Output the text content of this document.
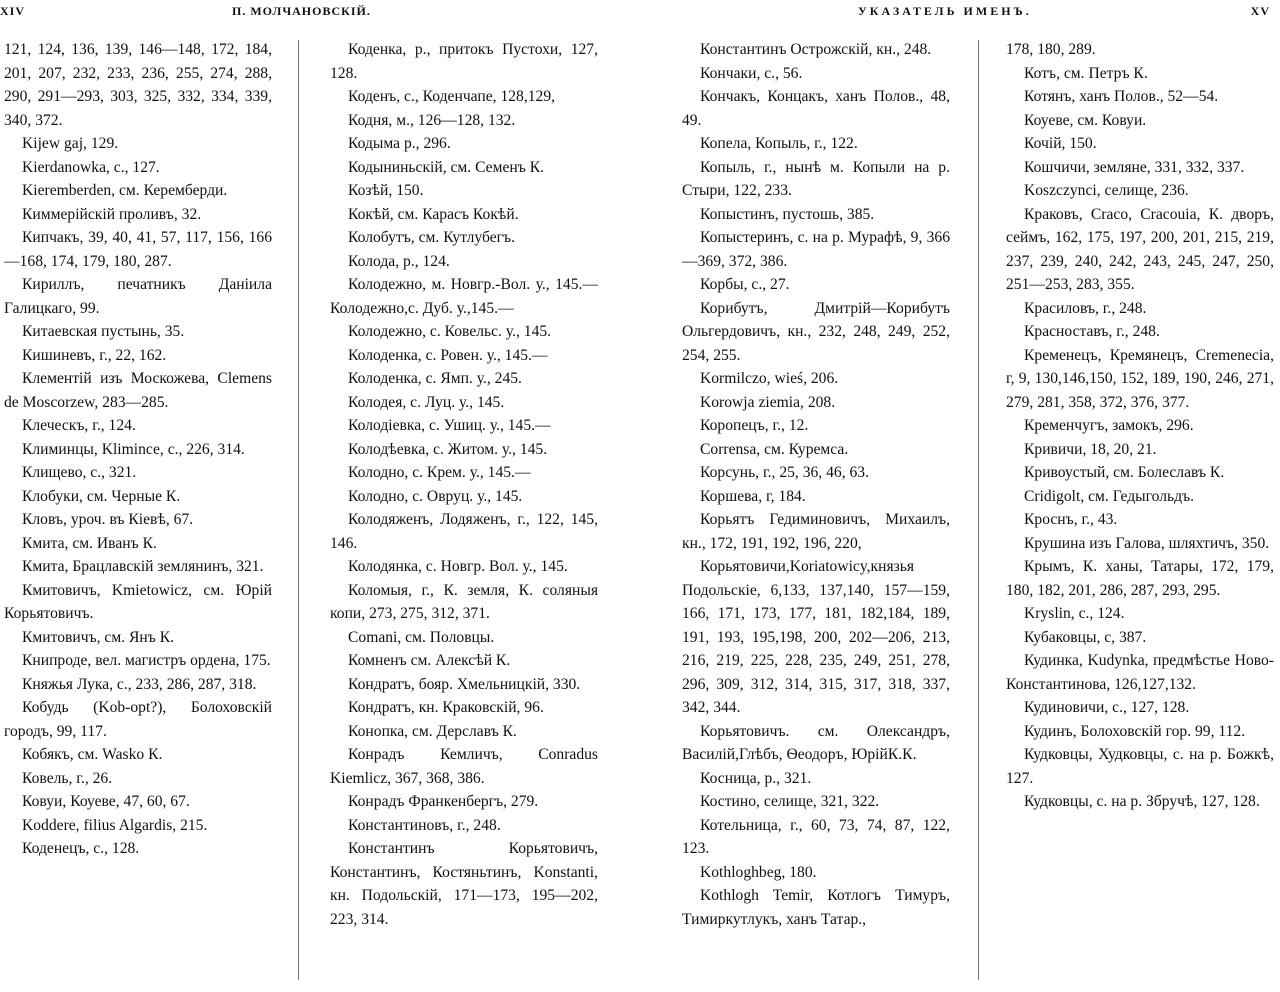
XIV	П. МОЛЧАНОВСКІЙ.

121, 124, 136, 139, 146—148, 172, 184, 201, 207, 232, 233, 236, 255, 274, 288, 290, 291—293, 303, 325, 332, 334, 339, 340, 372.

Kijew gaj, 129.

Kierdanowka, с., 127.

Kieremberden, см. Керемберди.

Киммерійскій проливъ, 32.

Кипчакъ, 39, 40, 41, 57, 117, 156, 166—168, 174, 179, 180, 287.

Кириллъ, печатникъ Даніила Галицкаго, 99.

Китаевская пустынь, 35.

Кишиневъ, г., 22, 162.

Клементій изъ Москожева, Clemens de Moscorzew, 283—285.

Клеческъ, г., 124.

Климинцы, Kliminсе, с., 226, 314.

Клищево, с., 321.

Клобуки, см. Черные К.

Кловъ, уроч. въ Кіевѣ, 67.

Кмита, см. Иванъ К.

Кмита, Брацлавскій землянинъ, 321.

Кмитовичъ, Kmietowicz, см. Юрій Корьятовичъ.

Кмитовичъ, см. Янъ К.

Книпроде, вел. магистръ ордена, 175.

Княжья Лука, с., 233, 286, 287, 318.

Кобудь (Kob-opt?), Болоховскій городъ, 99, 117.

Кобякъ, см. Wasko К.

Ковель, г., 26.

Ковуи, Коуеве, 47, 60, 67.

Koddere, filius Algardis, 215.

Коденецъ, с., 128.

Коденка, р., притокъ Пустохи, 127, 128.

Коденъ, с., Коденчапе, 128,129,

Кодня, м., 126—128, 132.

Кодыма р., 296.

Кодыниньскій, см. Семенъ К.

Козѣй, 150.

Кокѣй, см. Карасъ Кокѣй.

Колобутъ, см. Кутлубегъ.

Колода, р., 124.

Колодежно, м. Новгр.-Вол. у., 145.—Колодежно,с. Дуб. у.,145.—

Колодежно, с. Ковельс. у., 145.

Колоденка, с. Ровен. у., 145.—

Колоденка, с. Ямп. у., 245.

Колодея, с. Луц. у., 145.

Колодіевка, с. Ушиц. у., 145.—

Колодѣевка, с. Житом. у., 145.

Колодно, с. Крем. у., 145.—

Колодно, с. Овруц. у., 145.

Колодяженъ, Лодяженъ, г., 122, 145, 146.

Колодянка, с. Новгр. Вол. у., 145.

Коломыя, г., К. земля, К. соляныя копи, 273, 275, 312, 371.

Comani, см. Половцы.

Комненъ см. Алексѣй К.

Кондратъ, бояр. Хмельницкій, 330.

Кондратъ, кн. Краковскій, 96.

Конопка, см. Дерславъ К.

Конрадъ Кемличъ, Conradus Kiemlicz, 367, 368, 386.

Конрадъ Франкенбергъ, 279.

Константиновъ, г., 248.

Константинъ Корьятовичъ, Константинъ, Костяньтинъ, Konstanti, кн. Подольскій, 171—173, 195—202, 223, 314.

УКАЗАТЕЛЬ ИМЕНЪ.	XV

Константинъ Острожскій, кн., 248.

Кончаки, с., 56.

Кончакъ, Концакъ, ханъ Полов., 48, 49.

Копела, Копыль, г., 122.

Копыль, г., нынѣ м. Копыли на р. Стыри, 122, 233.

Копыстинъ, пустошь, 385.

Копыстеринъ, с. на р. Мурафѣ, 9, 366—369, 372, 386.

Корбы, с., 27.

Корибутъ, Дмитрій—Корибутъ Ольгердовичъ, кн., 232, 248, 249, 252, 254, 255.

Kormilczo, wieś, 206.

Korowja ziemia, 208.

Коропецъ, г., 12.

Corrensa, см. Куремса.

Корсунь, г., 25, 36, 46, 63.

Коршева, г, 184.

Корьятъ Гедиминовичъ, Михаилъ, кн., 172, 191, 192, 196, 220,

Корьятовичи,Koriatowicy,князья Подольскіе, 6,133, 137,140, 157—159, 166, 171, 173, 177, 181, 182,184, 189, 191, 193, 195,198, 200, 202—206, 213, 216, 219, 225, 228, 235, 249, 251, 278, 296, 309, 312, 314, 315, 317, 318, 337, 342, 344.

Корьятовичъ. см. Олександръ, Василій,Глѣбъ, Ѳеодоръ, ЮрійК.К.

Косница, р., 321.

Костино, селище, 321, 322.

Котельница, г., 60, 73, 74, 87, 122, 123.

Kothloghbeg, 180.

Kothlogh Temir, Котлогъ Тимуръ, Тимиркутлукъ, ханъ Татар.,

178, 180, 289.

Котъ, см. Петръ К.

Котянъ, ханъ Полов., 52—54.

Коуеве, см. Ковуи.

Кочій, 150.

Кошчичи, земляне, 331, 332, 337.

Koszczynci, селище, 236.

Краковъ, Craco, Cracouia, К. дворъ, сеймъ, 162, 175, 197, 200, 201, 215, 219, 237, 239, 240, 242, 243, 245, 247, 250, 251—253, 283, 355.

Красиловъ, г., 248.

Красноставъ, г., 248.

Кременецъ, Кремянецъ, Cremenecia, г, 9, 130,146,150, 152, 189, 190, 246, 271, 279, 281, 358, 372, 376, 377.

Кременчугъ, замокъ, 296.

Кривичи, 18, 20, 21.

Кривоустый, см. Болеславъ К.

Cridigolt, см. Гедыгольдъ.

Кроснъ, г., 43.

Крушина изъ Галова, шляхтичъ, 350.

Крымъ, К. ханы, Татары, 172, 179, 180, 182, 201, 286, 287, 293, 295.

Kryslin, с., 124.

Кубаковцы, с, 387.

Кудинка, Kudynka, предмѣстье Ново-Константинова, 126,127,132.

Кудиновичи, с., 127, 128.

Кудинъ, Болоховскій гор. 99, 112.

Кудковцы, Худковцы, с. на р. Божкѣ, 127.

Кудковцы, с. на р. Збручѣ, 127, 128.
